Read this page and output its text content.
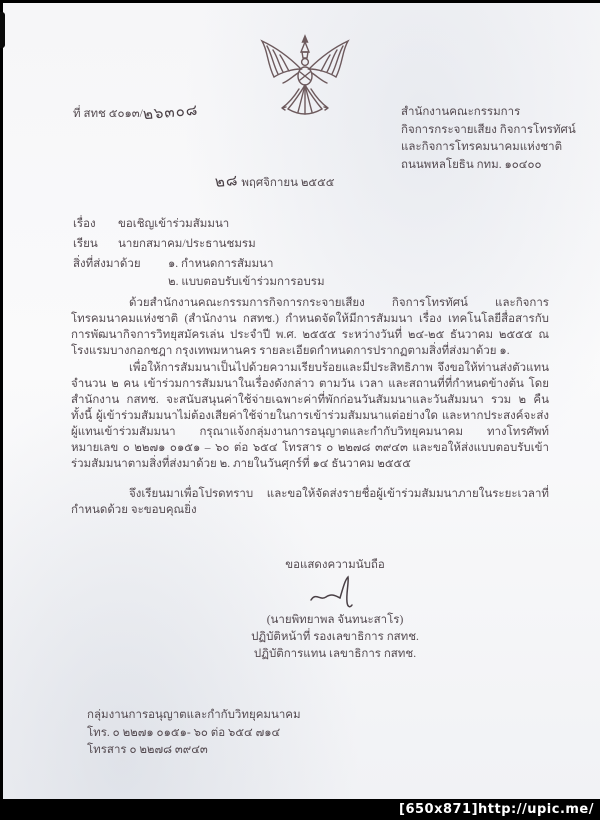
ที่ สทช ๕๐๑๓/๒๖๓๐๘	สำนักงานคณะกรรมการ
กิจการกระจายเสียง กิจการโทรทัศน์
และกิจการโทรคมนาคมแห่งชาติ
ถนนพหลโยธิน กทม. ๑๐๔๐๐
๒๘ พฤศจิกายน ๒๕๕๕
เรื่อง ขอเชิญเข้าร่วมสัมมนา
เรียน นายกสมาคม/ประธานชมรม
สิ่งที่ส่งมาด้วย ๑. กำหนดการสัมมนา
๒. แบบตอบรับเข้าร่วมการอบรม
ด้วยสำนักงานคณะกรรมการกิจการกระจายเสียง กิจการโทรทัศน์ และกิจการโทรคมนาคมแห่งชาติ (สำนักงาน กสทช.) กำหนดจัดให้มีการสัมมนา เรื่อง เทคโนโลยีสื่อสารกับการพัฒนากิจการวิทยุสมัครเล่น ประจำปี พ.ศ. ๒๕๕๕ ระหว่างวันที่ ๒๔-๒๕ ธันวาคม ๒๕๕๕ ณ โรงแรมบางกอกชฎา กรุงเทพมหานคร รายละเอียดกำหนดการปรากฏตามสิ่งที่ส่งมาด้วย ๑.
เพื่อให้การสัมมนาเป็นไปด้วยความเรียบร้อยและมีประสิทธิภาพ จึงขอให้ท่านส่งตัวแทนจำนวน ๒ คน เข้าร่วมการสัมมนาในเรื่องดังกล่าว ตามวัน เวลา และสถานที่ที่กำหนดข้างต้น โดยสำนักงาน กสทช. จะสนับสนุนค่าใช้จ่ายเฉพาะค่าที่พักก่อนวันสัมมนาและวันสัมมนา รวม ๒ คืน ทั้งนี้ ผู้เข้าร่วมสัมมนาไม่ต้องเสียค่าใช้จ่ายในการเข้าร่วมสัมมนาแต่อย่างใด และหากประสงค์จะส่งผู้แทนเข้าร่วมสัมมนา กรุณาแจ้งกลุ่มงานการอนุญาตและกำกับวิทยุคมนาคม ทางโทรศัพท์หมายเลข ๐ ๒๒๗๑ ๐๑๕๑ – ๖๐ ต่อ ๖๕๔ โทรสาร ๐ ๒๒๗๘ ๓๙๔๓ และขอให้ส่งแบบตอบรับเข้าร่วมสัมมนาตามสิ่งที่ส่งมาด้วย ๒. ภายในวันศุกร์ที่ ๑๔ ธันวาคม ๒๕๕๕
จึงเรียนมาเพื่อโปรดทราบ และขอให้จัดส่งรายชื่อผู้เข้าร่วมสัมมนาภายในระยะเวลาที่กำหนดด้วย จะขอบคุณยิ่ง
ขอแสดงความนับถือ
(นายพิทยาพล จันทนะสาโร)
ปฏิบัติหน้าที่ รองเลขาธิการ กสทช.
ปฏิบัติการแทน เลขาธิการ กสทช.
กลุ่มงานการอนุญาตและกำกับวิทยุคมนาคม
โทร. ๐ ๒๒๗๑ ๐๑๕๑- ๖๐ ต่อ ๖๕๔ ๗๑๔
โทรสาร ๐ ๒๒๗๘ ๓๙๔๓
[650x871]http://upic.me/
